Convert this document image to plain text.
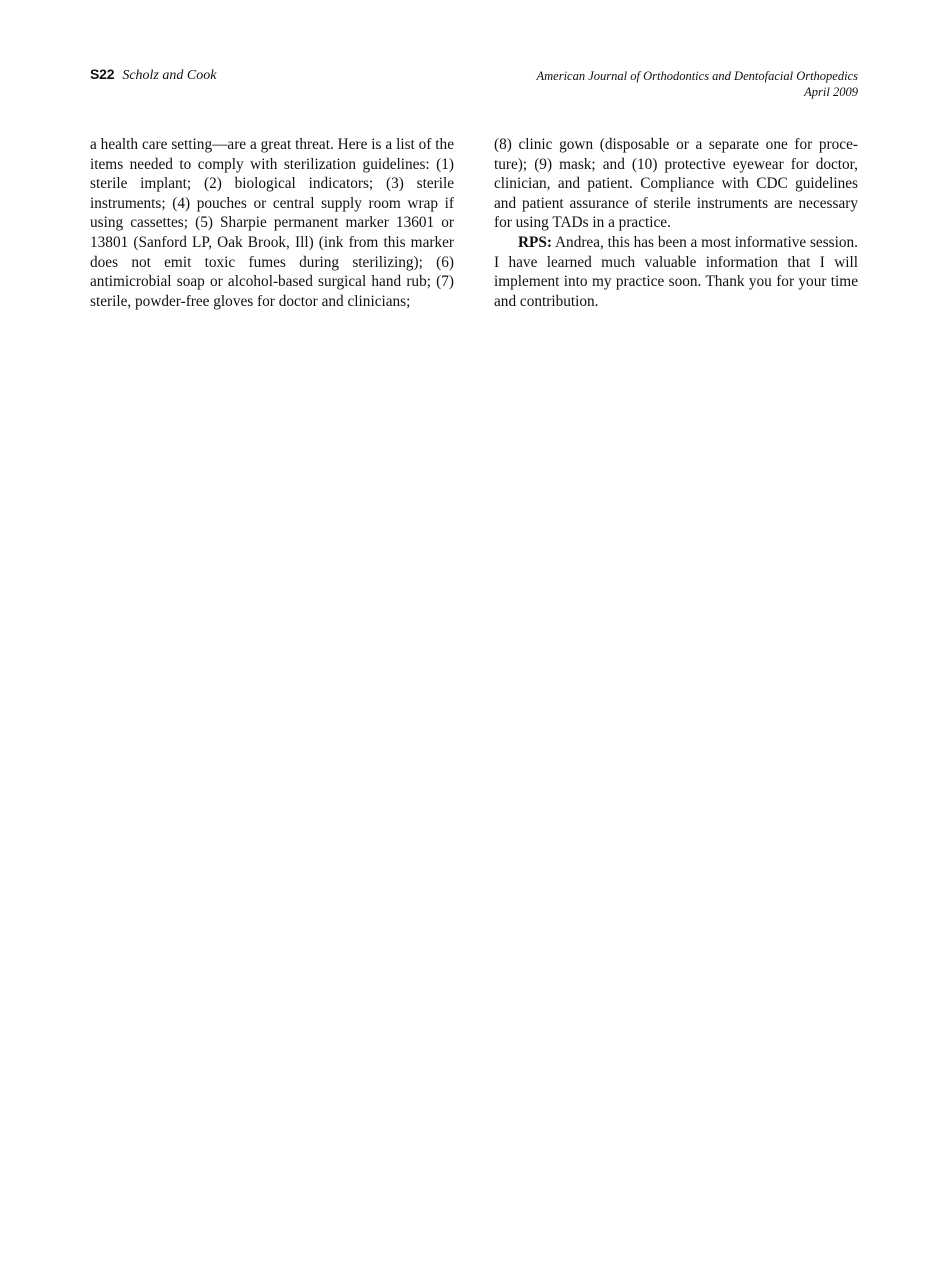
S22 Scholz and Cook	American Journal of Orthodontics and Dentofacial Orthopedics
April 2009

a health care setting—are a great threat. Here is a list of the items needed to comply with sterilization guidelines: (1) sterile implant; (2) biological indicators; (3) sterile instruments; (4) pouches or central supply room wrap if using cassettes; (5) Sharpie permanent marker 13601 or 13801 (Sanford LP, Oak Brook, Ill) (ink from this marker does not emit toxic fumes during sterilizing); (6) antimicrobial soap or alcohol-based surgical hand rub; (7) sterile, powder-free gloves for doctor and clinicians;

(8) clinic gown (disposable or a separate one for proceture); (9) mask; and (10) protective eyewear for doctor, clinician, and patient. Compliance with CDC guidelines and patient assurance of sterile instruments are necessary for using TADs in a practice.

RPS: Andrea, this has been a most informative session. I have learned much valuable information that I will implement into my practice soon. Thank you for your time and contribution.
